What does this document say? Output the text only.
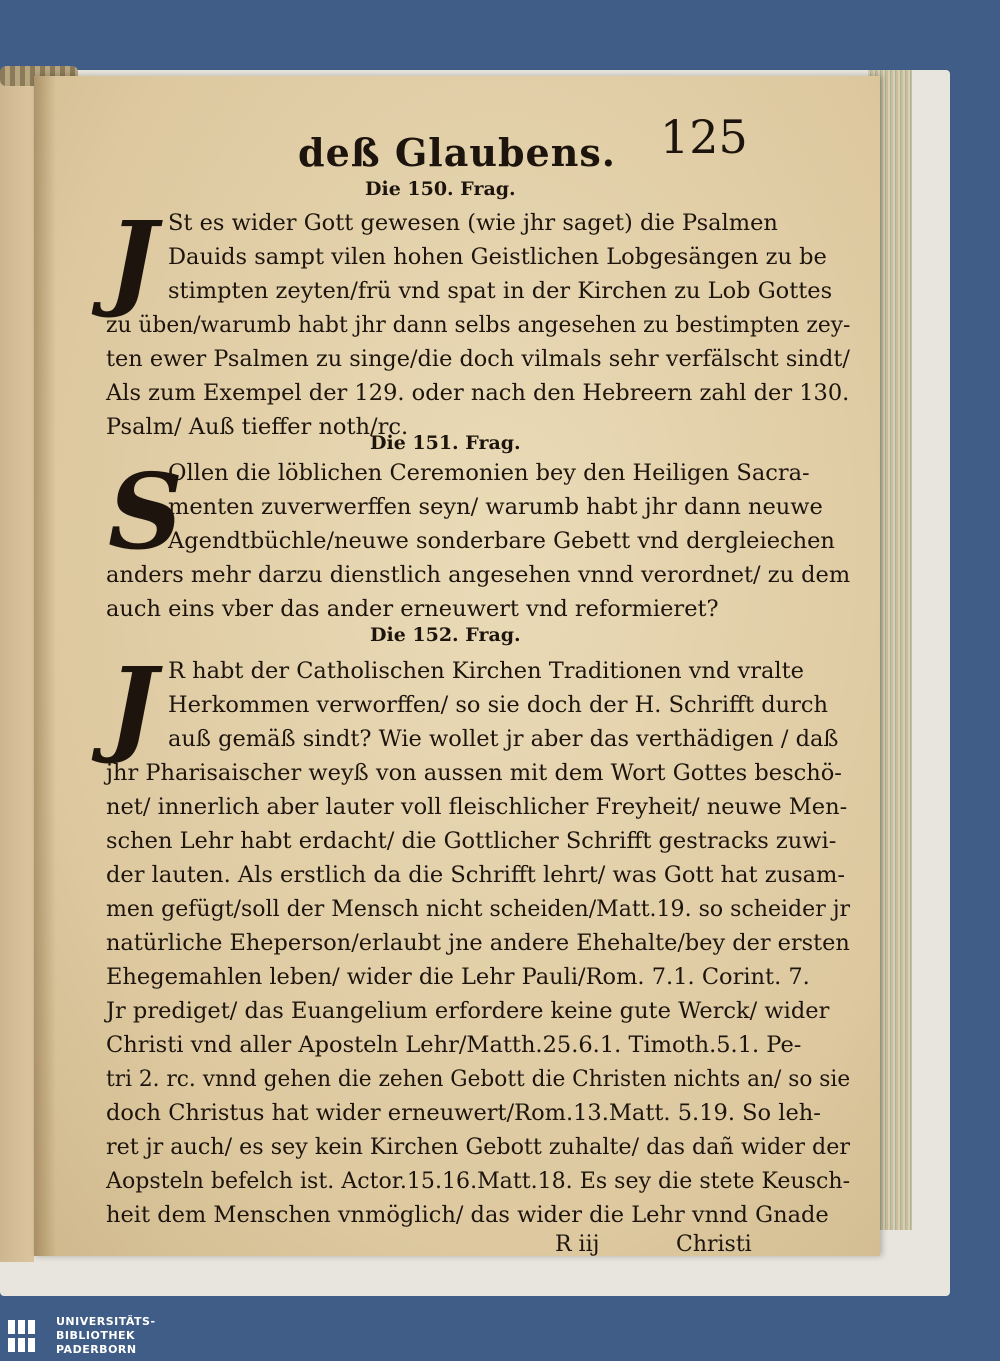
deß Glaubens. 125
Die 150. Frag.
J St es wider Gott gewesen (wie jhr saget) die Psalmen
Dauids sampt vilen hohen Geistlichen Lobgesängen zu be
stimpten zeyten/frü vnd spat in der Kirchen zu Lob Gottes
zu üben/warumb habt jhr dann selbs angesehen zu bestimpten zey-
ten ewer Psalmen zu singe/die doch vilmals sehr verfälscht sindt/
Als zum Exempel der 129. oder nach den Hebreern zahl der 130.
Psalm/ Auß tieffer noth/rc.
Die 151. Frag.
S
Ollen die löblichen Ceremonien bey den Heiligen Sacra-
menten zuverwerffen seyn/ warumb habt jhr dann neuwe
Agendtbüchle/neuwe sonderbare Gebett vnd dergleiechen
anders mehr darzu dienstlich angesehen vnnd verordnet/ zu dem
auch eins vber das ander erneuwert vnd reformieret?
Die 152. Frag.
J R habt der Catholischen Kirchen Traditionen vnd vralte
Herkommen verworffen/ so sie doch der H. Schrifft durch
auß gemäß sindt? Wie wollet jr aber das verthädigen / daß
jhr Pharisaischer weyß von aussen mit dem Wort Gottes beschö-
net/ innerlich aber lauter voll fleischlicher Freyheit/ neuwe Men-
schen Lehr habt erdacht/ die Gottlicher Schrifft gestracks zuwi-
der lauten. Als erstlich da die Schrifft lehrt/ was Gott hat zusam-
men gefügt/soll der Mensch nicht scheiden/Matt.19. so scheider jr
natürliche Eheperson/erlaubt jne andere Ehehalte/bey der ersten
Ehegemahlen leben/ wider die Lehr Pauli/Rom. 7.1. Corint. 7.
Jr prediget/ das Euangelium erfordere keine gute Werck/ wider
Christi vnd aller Aposteln Lehr/Matth.25.6.1. Timoth.5.1. Pe-
tri 2. rc. vnnd gehen die zehen Gebott die Christen nichts an/ so sie
doch Christus hat wider erneuwert/Rom.13.Matt. 5.19. So leh-
ret jr auch/ es sey kein Kirchen Gebott zuhalte/ das dañ wider der
Aopsteln befelch ist. Actor.15.16.Matt.18. Es sey die stete Keusch-
heit dem Menschen vnmöglich/ das wider die Lehr vnnd Gnade
R iij	Christi
UNIVERSITÄTS-
BIBLIOTHEK
PADERBORN
